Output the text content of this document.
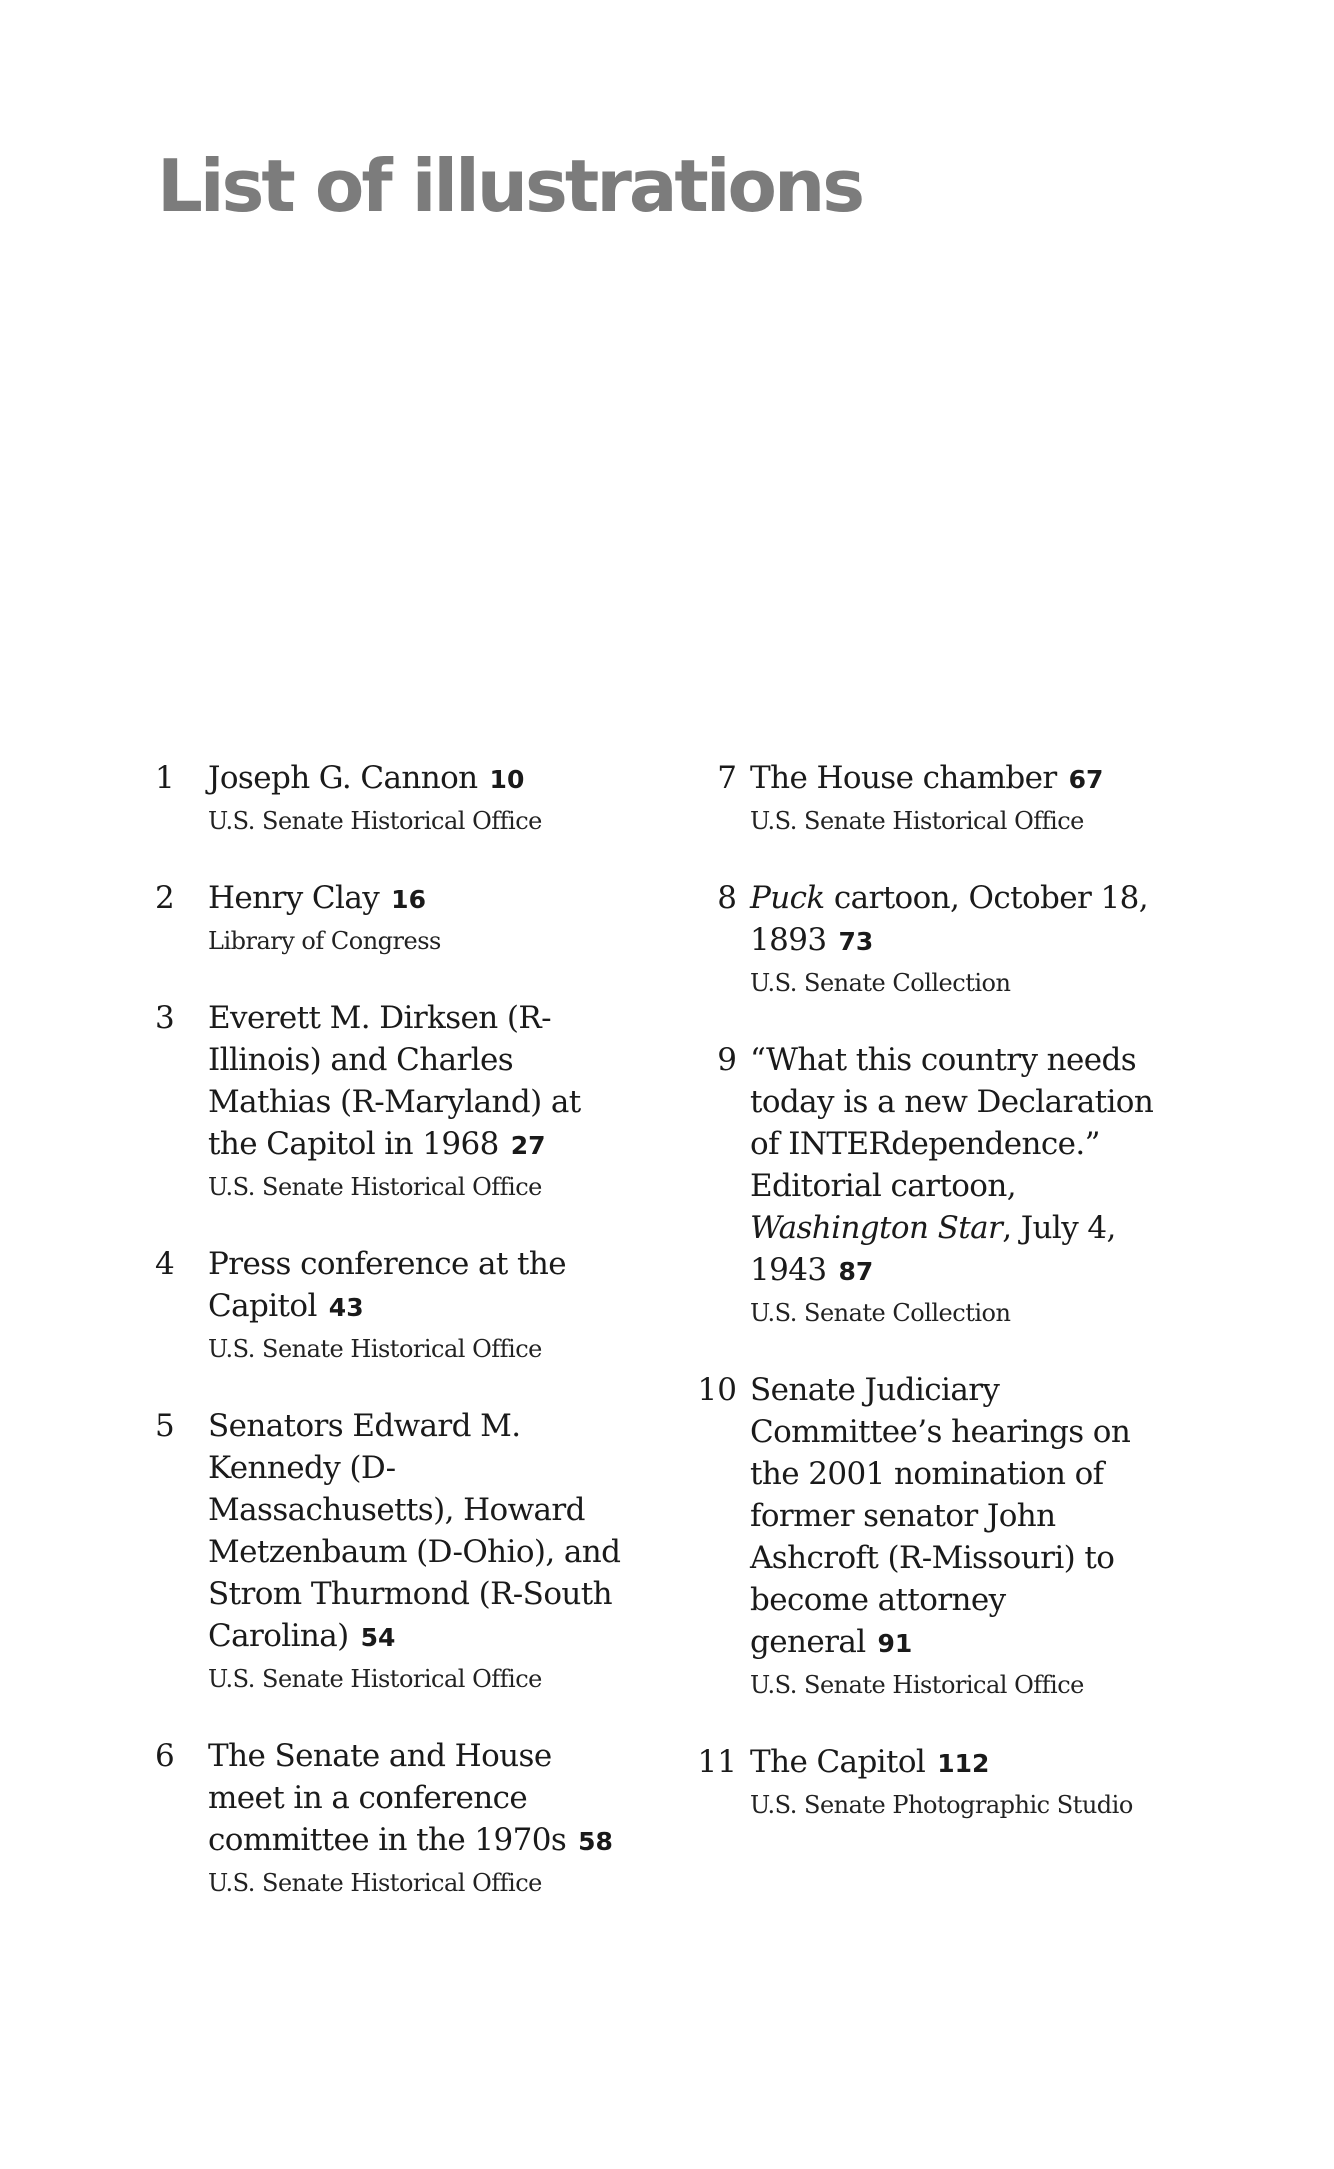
List of illustrations
1	Joseph G. Cannon 10
U.S. Senate Historical Office
2	Henry Clay 16
Library of Congress
3	Everett M. Dirksen (R-Illinois) and Charles Mathias (R-Maryland) at the Capitol in 1968 27
U.S. Senate Historical Office
4	Press conference at the Capitol 43
U.S. Senate Historical Office
5	Senators Edward M. Kennedy (D-Massachusetts), Howard Metzenbaum (D-Ohio), and Strom Thurmond (R-South Carolina) 54
U.S. Senate Historical Office
6	The Senate and House meet in a conference committee in the 1970s 58
U.S. Senate Historical Office
7 The House chamber 67
U.S. Senate Historical Office
8 Puck cartoon, October 18, 1893 73
U.S. Senate Collection
9 “What this country needs today is a new Declaration of INTERdependence.” Editorial cartoon, Washington Star, July 4, 1943 87
U.S. Senate Collection
10 Senate Judiciary Committee’s hearings on the 2001 nomination of former senator John Ashcroft (R-Missouri) to become attorney general 91
U.S. Senate Historical Office
11 The Capitol 112
U.S. Senate Photographic Studio
